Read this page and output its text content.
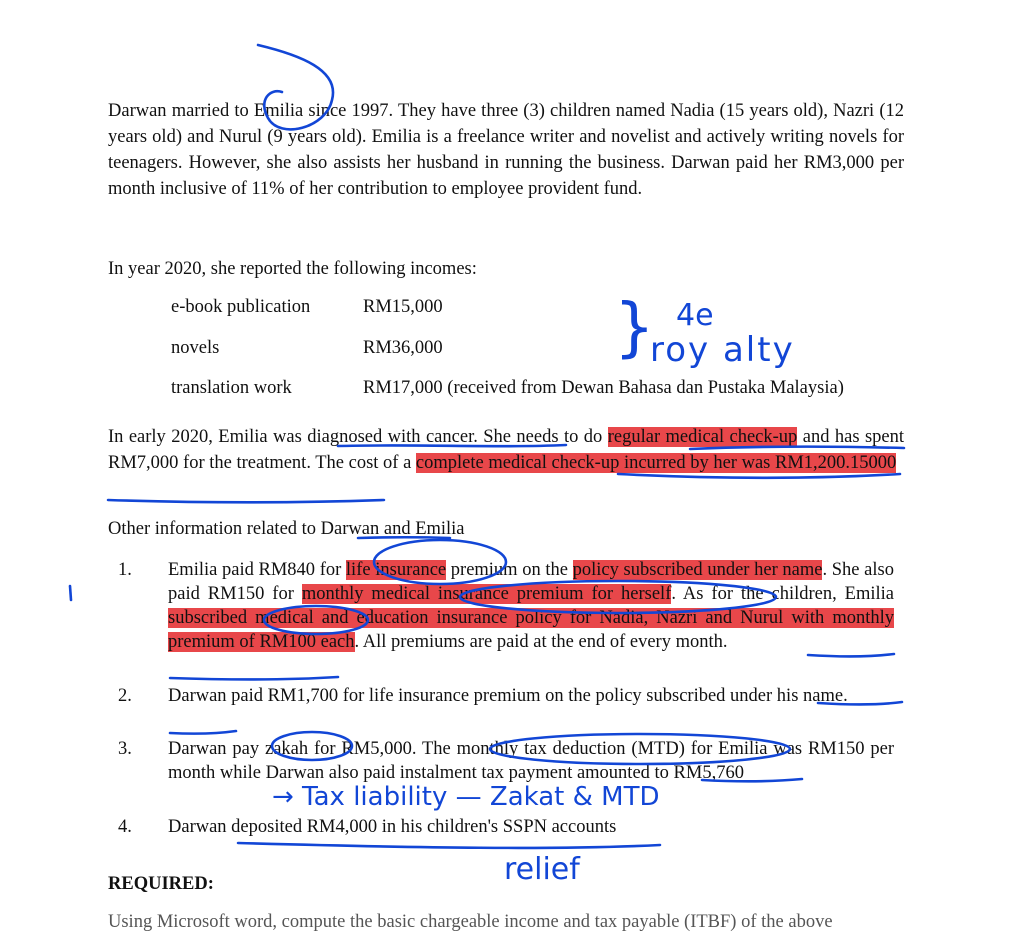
Darwan married to Emilia since 1997. They have three (3) children named Nadia (15 years old), Nazri (12 years old) and Nurul (9 years old). Emilia is a freelance writer and novelist and actively writing novels for teenagers. However, she also assists her husband in running the business. Darwan paid her RM3,000 per month inclusive of 11% of her contribution to employee provident fund.
In year 2020, she reported the following incomes:
e-book publication	RM15,000
novels	RM36,000
translation work	RM17,000 (received from Dewan Bahasa dan Pustaka Malaysia)
In early 2020, Emilia was diagnosed with cancer. She needs to do regular medical check-up and has spent RM7,000 for the treatment. The cost of a complete medical check-up incurred by her was RM1,200.15000
Other information related to Darwan and Emilia
1. Emilia paid RM840 for life insurance premium on the policy subscribed under her name. She also paid RM150 for monthly medical insurance premium for herself. As for the children, Emilia subscribed medical and education insurance policy for Nadia, Nazri and Nurul with monthly premium of RM100 each. All premiums are paid at the end of every month.
2. Darwan paid RM1,700 for life insurance premium on the policy subscribed under his name.
3. Darwan pay zakah for RM5,000. The monthly tax deduction (MTD) for Emilia was RM150 per month while Darwan also paid instalment tax payment amounted to RM5,760
4. Darwan deposited RM4,000 in his children's SSPN accounts
REQUIRED:
Using Microsoft word, compute the basic chargeable income and tax payable (ITBF) of the above
4e
roy alty
}
→ Tax liability — Zakat & MTD
relief
